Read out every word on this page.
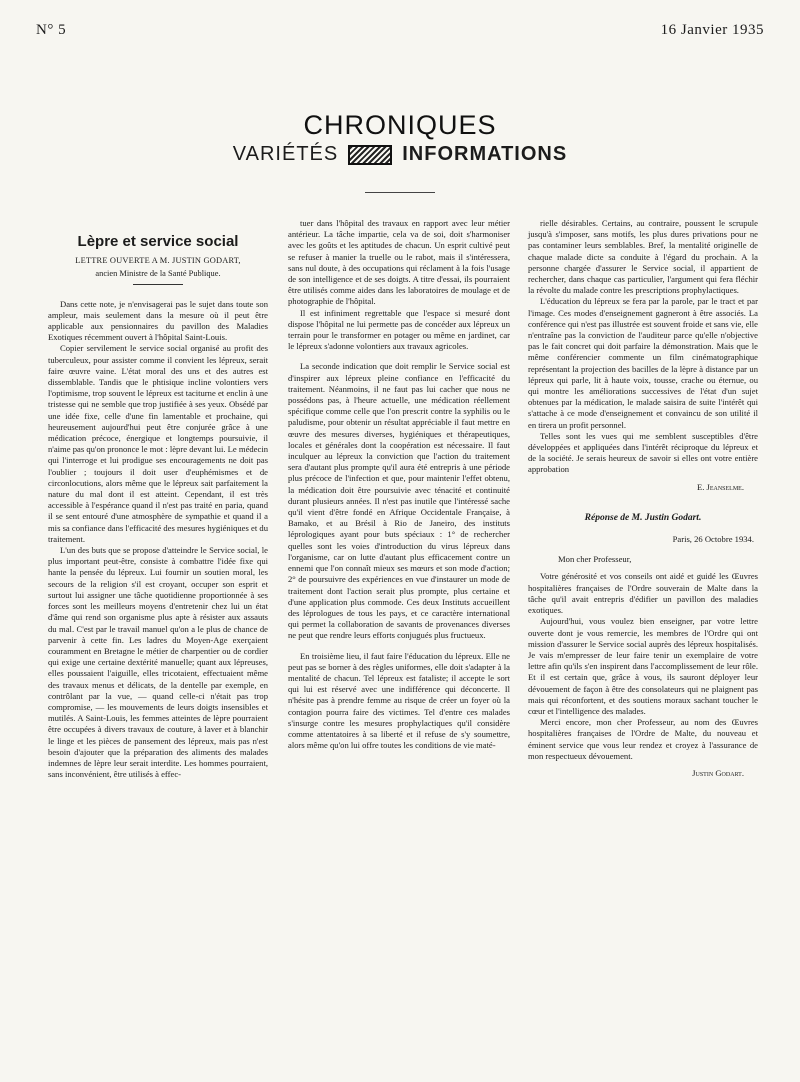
N° 5	16 Janvier 1935
CHRONIQUES
VARIÉTÉS	INFORMATIONS
Lèpre et service social
LETTRE OUVERTE A M. JUSTIN GODART,
ancien Ministre de la Santé Publique.

Dans cette note, je n'envisagerai pas le sujet dans toute son ampleur, mais seulement dans la mesure où il peut être applicable aux pensionnaires du pavillon des Maladies Exotiques récemment ouvert à l'hôpital Saint-Louis.

Copier servilement le service social organisé au profit des tuberculeux, pour assister comme il convient les lépreux, serait faire œuvre vaine. L'état moral des uns et des autres est dissemblable. Tandis que le phtisique incline volontiers vers l'optimisme, trop souvent le lépreux est taciturne et enclin à une tristesse qui ne semble que trop justifiée à ses yeux. Obsédé par une idée fixe, celle d'une fin lamentable et prochaine, qui heureusement aujourd'hui peut être conjurée grâce à une médication précoce, énergique et longtemps poursuivie, il n'aime pas qu'on prononce le mot : lèpre devant lui. Le médecin qui l'interroge et lui prodigue ses encouragements ne doit pas l'oublier ; toujours il doit user d'euphémismes et de circonlocutions, alors même que le lépreux sait parfaitement la nature du mal dont il est atteint. Cependant, il est très accessible à l'espérance quand il n'est pas traité en paria, quand il se sent entouré d'une atmosphère de sympathie et quand il a mis sa confiance dans l'efficacité des mesures hygiéniques et du traitement.

L'un des buts que se propose d'atteindre le Service social, le plus important peut-être, consiste à combattre l'idée fixe qui hante la pensée du lépreux. Lui fournir un soutien moral, les secours de la religion s'il est croyant, occuper son esprit et surtout lui assigner une tâche quotidienne proportionnée à ses forces sont les meilleurs moyens d'entretenir chez lui un état d'âme qui rend son organisme plus apte à résister aux assauts du mal. C'est par le travail manuel qu'on a le plus de chance de parvenir à cette fin. Les ladres du Moyen-Age exerçaient couramment en Bretagne le métier de charpentier ou de cordier qui exige une certaine dextérité manuelle; quant aux lépreuses, elles poussaient l'aiguille, elles tricotaient, effectuaient même des travaux menus et délicats, de la dentelle par exemple, en contrôlant par la vue, — quand celle-ci n'était pas trop compromise, — les mouvements de leurs doigts insensibles et mutilés. A Saint-Louis, les femmes atteintes de lèpre pourraient être occupées à divers travaux de couture, à laver et à blanchir le linge et les pièces de pansement des lépreux, mais pas n'est besoin d'ajouter que la préparation des aliments des malades indemnes de lèpre leur serait interdite. Les hommes pourraient, sans inconvénient, être utilisés à effec-

tuer dans l'hôpital des travaux en rapport avec leur métier antérieur. La tâche impartie, cela va de soi, doit s'harmoniser avec les goûts et les aptitudes de chacun. Un esprit cultivé peut se refuser à manier la truelle ou le rabot, mais il s'intéressera, sans nul doute, à des occupations qui réclament à la fois l'usage de son intelligence et de ses doigts. A titre d'essai, ils pourraient être utilisés comme aides dans les laboratoires de moulage et de photographie de l'hôpital.

Il est infiniment regrettable que l'espace si mesuré dont dispose l'hôpital ne lui permette pas de concéder aux lépreux un terrain pour le transformer en potager ou même en jardinet, car le lépreux s'adonne volontiers aux travaux agricoles.

La seconde indication que doit remplir le Service social est d'inspirer aux lépreux pleine confiance en l'efficacité du traitement. Néanmoins, il ne faut pas lui cacher que nous ne possédons pas, à l'heure actuelle, une médication réellement spécifique comme celle que l'on prescrit contre la syphilis ou le paludisme, pour obtenir un résultat appréciable il faut mettre en œuvre des mesures diverses, hygiéniques et thérapeutiques, locales et générales dont la coopération est nécessaire. Il faut inculquer au lépreux la conviction que l'action du traitement sera d'autant plus prompte qu'il aura été entrepris à une période plus précoce de l'infection et que, pour maintenir l'effet obtenu, la médication doit être poursuivie avec ténacité et continuité durant plusieurs années. Il n'est pas inutile que l'intéressé sache qu'il vient d'être fondé en Afrique Occidentale Française, à Bamako, et au Brésil à Rio de Janeiro, des instituts léprologiques ayant pour buts spéciaux : 1° de rechercher quelles sont les voies d'introduction du virus lépreux dans l'organisme, car on lutte d'autant plus efficacement contre un ennemi que l'on connaît mieux ses mœurs et son mode d'action; 2° de poursuivre des expériences en vue d'instaurer un mode de traitement dont l'action serait plus prompte, plus certaine et d'une application plus commode. Ces deux Instituts accueillent des léprologues de tous les pays, et ce caractère international qui permet la collaboration de savants de provenances diverses ne peut que rendre leurs efforts conjugués plus fructueux.

En troisième lieu, il faut faire l'éducation du lépreux. Elle ne peut pas se borner à des règles uniformes, elle doit s'adapter à la mentalité de chacun. Tel lépreux est fataliste; il accepte le sort qui lui est réservé avec une indifférence qui déconcerte. Il n'hésite pas à prendre femme au risque de créer un foyer où la contagion pourra faire des victimes. Tel d'entre ces malades s'insurge contre les mesures prophylactiques qu'il considère comme attentatoires à sa liberté et il refuse de s'y soumettre, alors même qu'on lui offre toutes les conditions de vie maté-

rielle désirables. Certains, au contraire, poussent le scrupule jusqu'à s'imposer, sans motifs, les plus dures privations pour ne pas contaminer leurs semblables. Bref, la mentalité originelle de chaque malade dicte sa conduite à l'égard du prochain. A la personne chargée d'assurer le Service social, il appartient de rechercher, dans chaque cas particulier, l'argument qui fera fléchir la révolte du malade contre les prescriptions prophylactiques.

L'éducation du lépreux se fera par la parole, par le tract et par l'image. Ces modes d'enseignement gagneront à être associés. La conférence qui n'est pas illustrée est souvent froide et sans vie, elle n'entraîne pas la conviction de l'auditeur parce qu'elle n'objective pas le fait concret qui doit parfaire la démonstration. Mais que le même conférencier commente un film cinématographique représentant la projection des bacilles de la lèpre à distance par un lépreux qui parle, lit à haute voix, tousse, crache ou éternue, ou qui montre les améliorations successives de l'état d'un sujet obtenues par la médication, le malade saisira de suite l'intérêt qui s'attache à ce mode d'enseignement et convaincu de son utilité il en tirera un profit personnel.

Telles sont les vues qui me semblent susceptibles d'être développées et appliquées dans l'intérêt réciproque du lépreux et de la société. Je serais heureux de savoir si elles ont votre entière approbation

E. Jeanselme.
Réponse de M. Justin Godart.
Paris, 26 Octobre 1934.

Mon cher Professeur,

Votre générosité et vos conseils ont aidé et guidé les Œuvres hospitalières françaises de l'Ordre souverain de Malte dans la tâche qu'il avait entrepris d'édifier un pavillon des maladies exotiques.

Aujourd'hui, vous voulez bien enseigner, par votre lettre ouverte dont je vous remercie, les membres de l'Ordre qui ont mission d'assurer le Service social auprès des lépreux hospitalisés. Je vais m'empresser de leur faire tenir un exemplaire de votre lettre afin qu'ils s'en inspirent dans l'accomplissement de leur rôle. Et il est certain que, grâce à vous, ils sauront déployer leur dévouement de façon à être des consolateurs qui ne plaignent pas mais qui réconfortent, et des soutiens moraux sachant toucher le cœur et l'intelligence des malades.

Merci encore, mon cher Professeur, au nom des Œuvres hospitalières françaises de l'Ordre de Malte, du nouveau et éminent service que vous leur rendez et croyez à l'assurance de mon respectueux dévouement.

Justin Godart.
